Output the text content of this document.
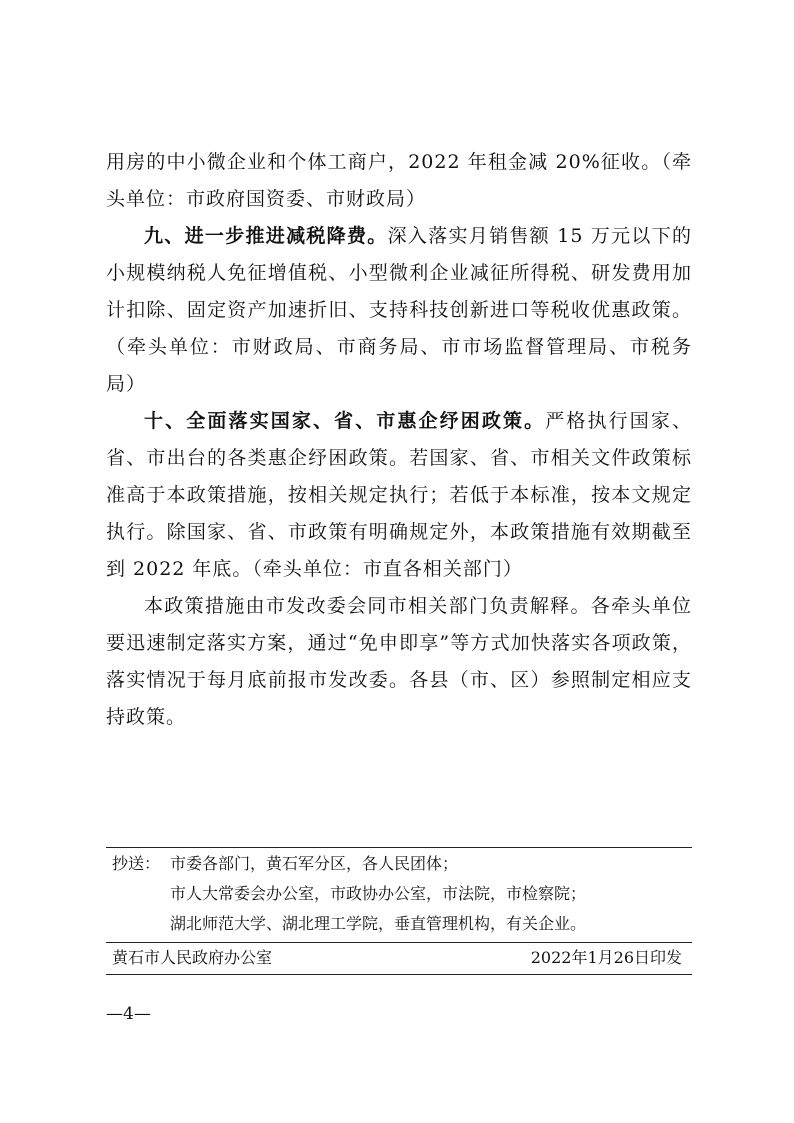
用房的中小微企业和个体工商户，2022 年租金减 20%征收。（牵头单位：市政府国资委、市财政局）

九、进一步推进减税降费。深入落实月销售额 15 万元以下的小规模纳税人免征增值税、小型微利企业减征所得税、研发费用加计扣除、固定资产加速折旧、支持科技创新进口等税收优惠政策。（牵头单位：市财政局、市商务局、市市场监督管理局、市税务局）

十、全面落实国家、省、市惠企纾困政策。严格执行国家、省、市出台的各类惠企纾困政策。若国家、省、市相关文件政策标准高于本政策措施，按相关规定执行；若低于本标准，按本文规定执行。除国家、省、市政策有明确规定外，本政策措施有效期截至到 2022 年底。（牵头单位：市直各相关部门）

本政策措施由市发改委会同市相关部门负责解释。各牵头单位要迅速制定落实方案，通过“免申即享”等方式加快落实各项政策，落实情况于每月底前报市发改委。各县（市、区）参照制定相应支持政策。

抄送： 市委各部门，黄石军分区，各人民团体；
市人大常委会办公室，市政协办公室，市法院，市检察院；
湖北师范大学、湖北理工学院，垂直管理机构，有关企业。
黄石市人民政府办公室	2022年1月26日印发
—4—
